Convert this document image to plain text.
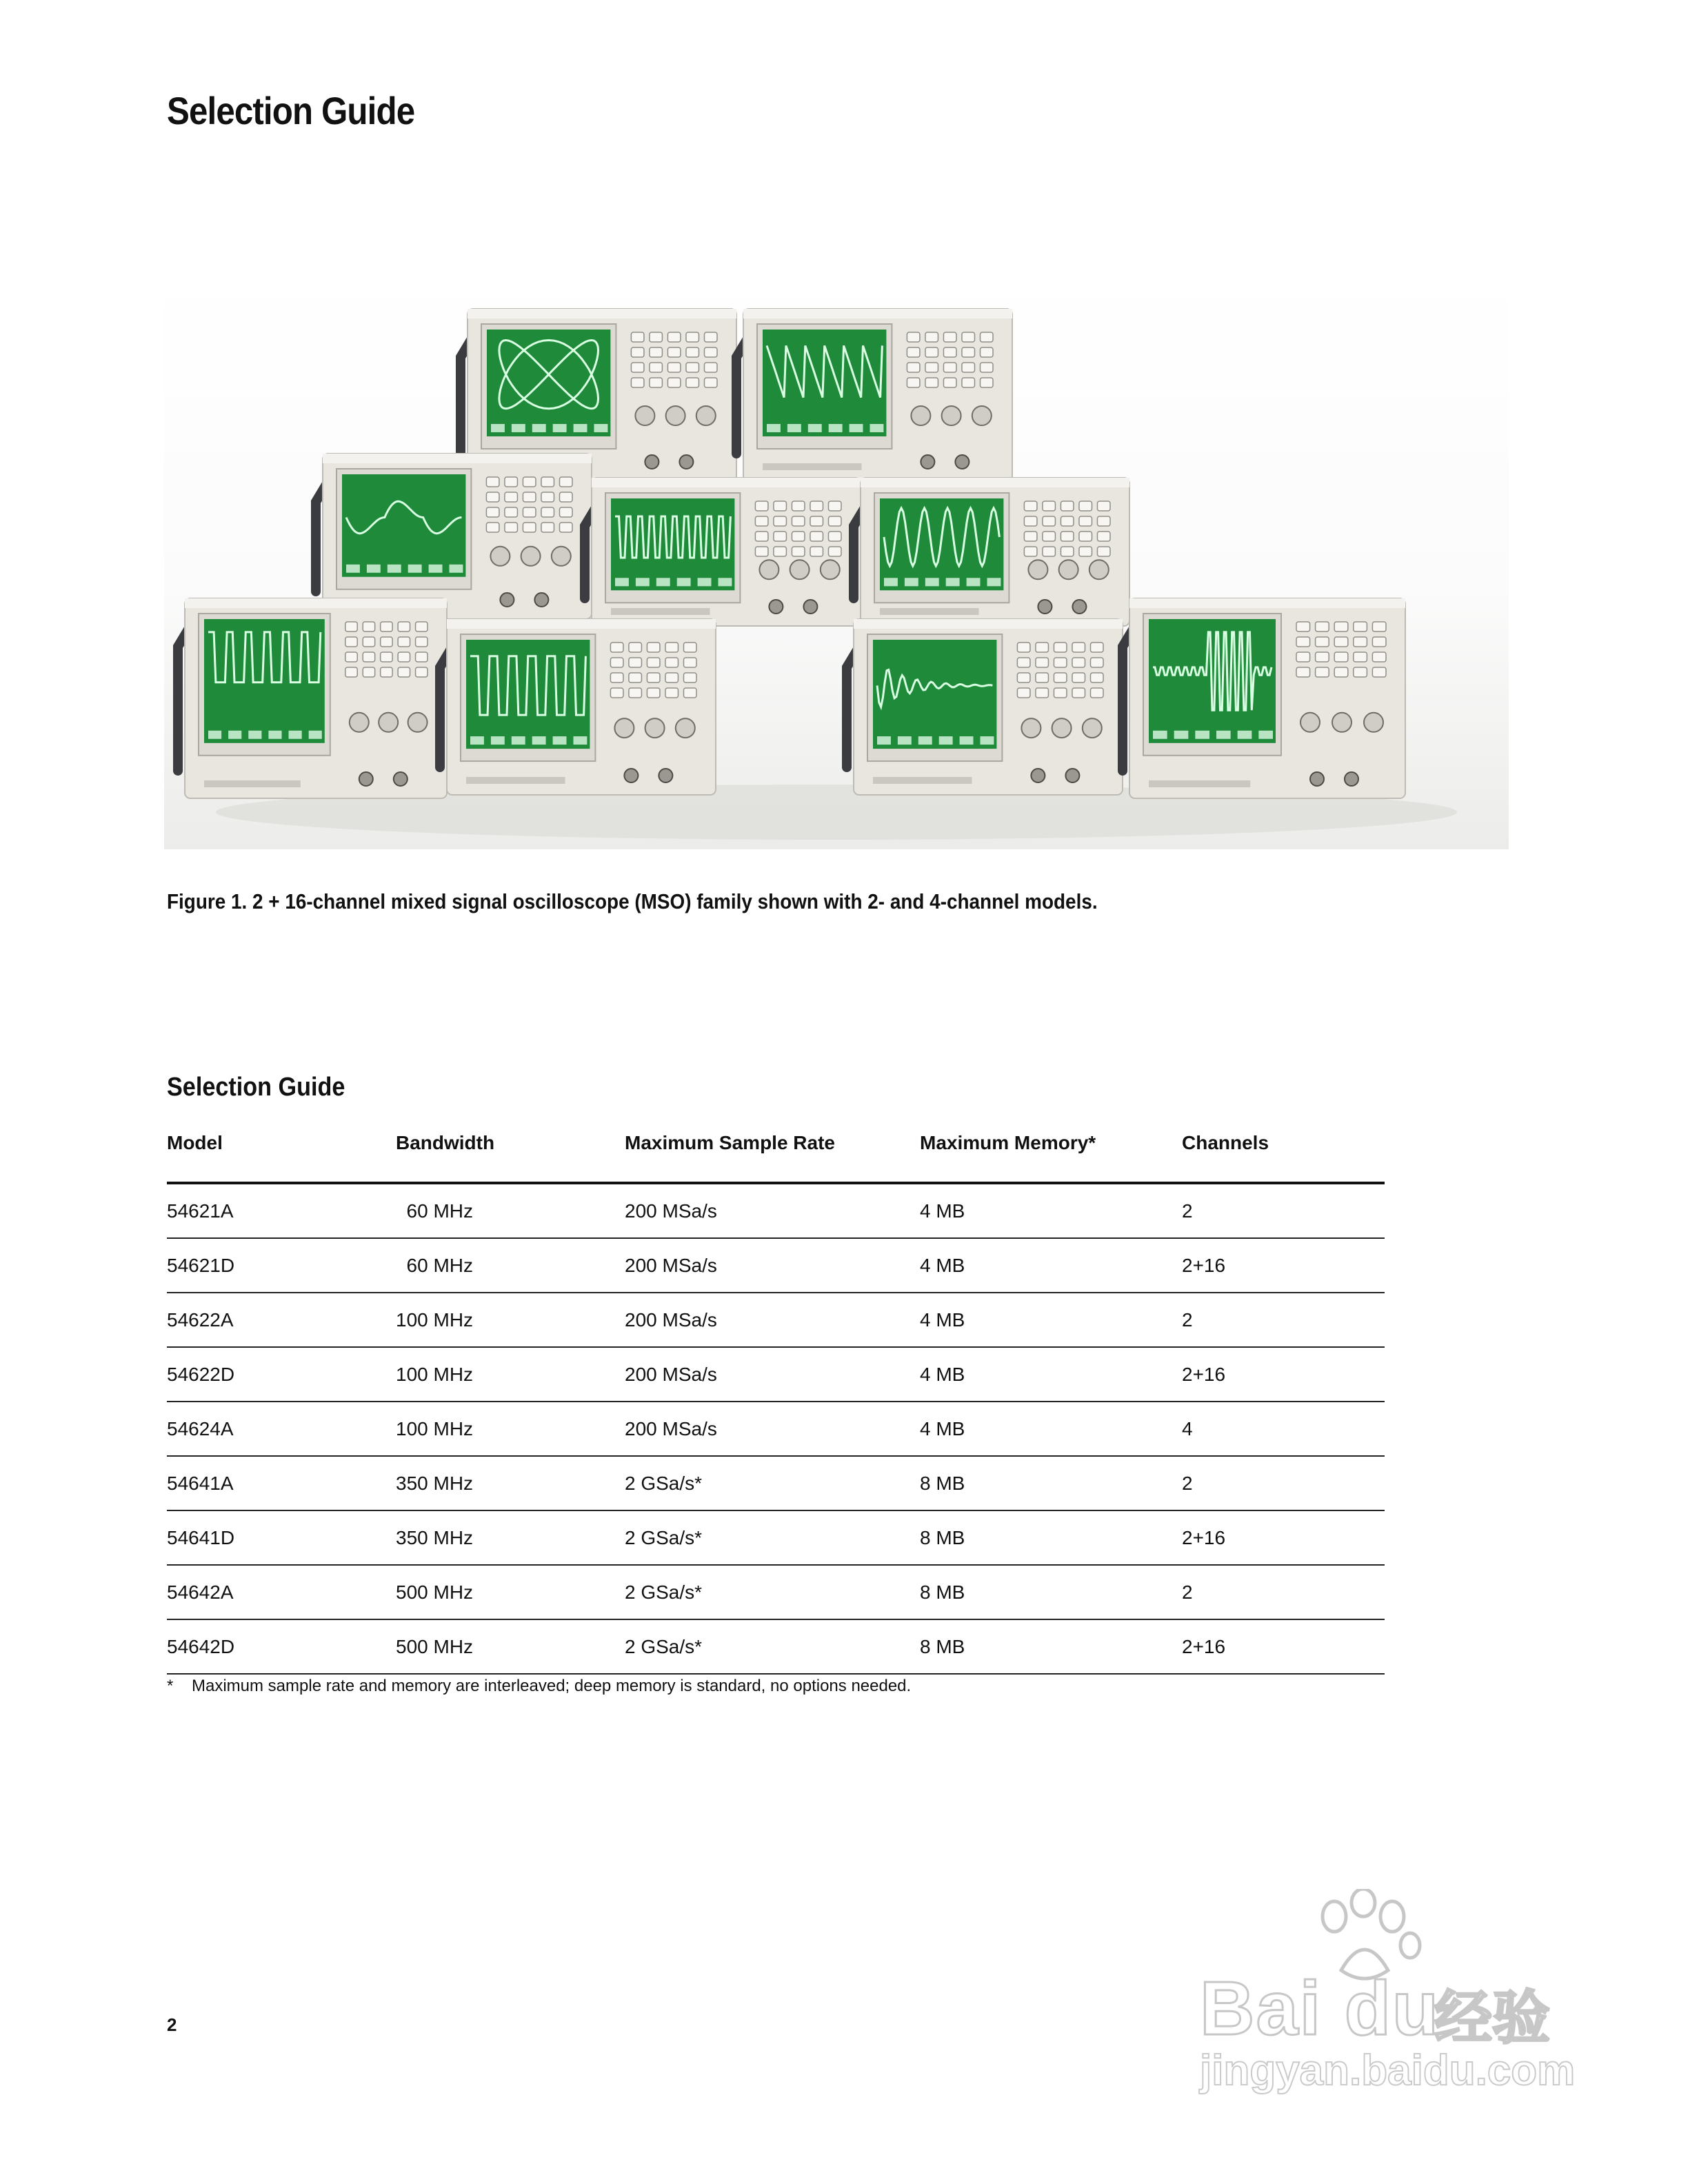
Selection Guide
Figure 1. 2 + 16-channel mixed signal oscilloscope (MSO) family shown with 2- and 4-channel models.
Selection Guide
Model	Bandwidth	Maximum Sample Rate	Maximum Memory*	Channels
54621A	60 MHz	200 MSa/s	4 MB	2
54621D	60 MHz	200 MSa/s	4 MB	2+16
54622A	100 MHz	200 MSa/s	4 MB	2
54622D	100 MHz	200 MSa/s	4 MB	2+16
54624A	100 MHz	200 MSa/s	4 MB	4
54641A	350 MHz	2 GSa/s*	8 MB	2
54641D	350 MHz	2 GSa/s*	8 MB	2+16
54642A	500 MHz	2 GSa/s*	8 MB	2
54642D	500 MHz	2 GSa/s*	8 MB	2+16
* Maximum sample rate and memory are interleaved; deep memory is standard, no options needed.
2	Bai du
经验
jingyan.baidu.com
